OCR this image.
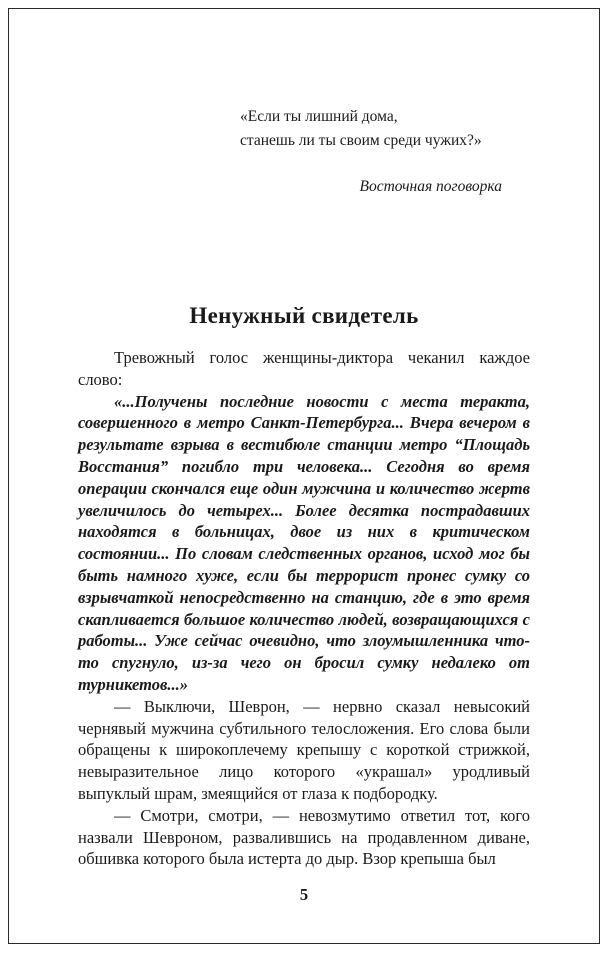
«Если ты лишний дома,
станешь ли ты своим среди чужих?»
Восточная поговорка
Ненужный свидетель

Тревожный голос женщины-диктора чеканил каждое слово:

«...Получены последние новости с места теракта, совершенного в метро Санкт-Петербурга... Вчера вечером в результате взрыва в вестибюле станции метро “Площадь Восстания” погибло три человека... Сегодня во время операции скончался еще один мужчина и количество жертв увеличилось до четырех... Более десятка пострадавших находятся в больницах, двое из них в критическом состоянии... По словам следственных органов, исход мог бы быть намного хуже, если бы террорист пронес сумку со взрывчаткой непосредственно на станцию, где в это время скапливается большое количество людей, возвращающихся с работы... Уже сейчас очевидно, что злоумышленника что-то спугнуло, из-за чего он бросил сумку недалеко от турникетов...»

— Выключи, Шеврон, — нервно сказал невысокий чернявый мужчина субтильного телосложения. Его слова были обращены к широкоплечему крепышу с короткой стрижкой, невыразительное лицо которого «украшал» уродливый выпуклый шрам, змеящийся от глаза к подбородку.

— Смотри, смотри, — невозмутимо ответил тот, кого назвали Шевроном, развалившись на продавленном диване, обшивка которого была истерта до дыр. Взор крепыша был

5
